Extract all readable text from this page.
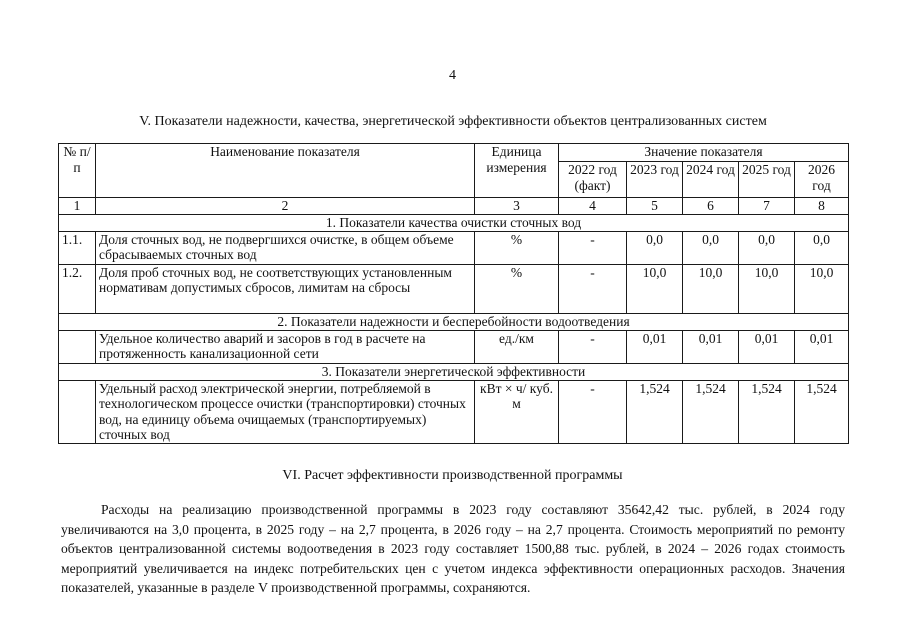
4
V. Показатели надежности, качества, энергетической эффективности объектов централизованных систем
№ п/п	Наименование показателя	Единица измерения	Значение показателя				
			2022 год (факт)	2023 год	2024 год	2025 год	2026 год
1	2	3	4	5	6	7	8
1. Показатели качества очистки сточных вод							
1.1.	Доля сточных вод, не подвергшихся очистке, в общем объеме сбрасываемых сточных вод	%	-	0,0	0,0	0,0	0,0
1.2.	Доля проб сточных вод, не соответствующих установленным нормативам допустимых сбросов, лимитам на сбросы	%	-	10,0	10,0	10,0	10,0
2. Показатели надежности и бесперебойности водоотведения							
	Удельное количество аварий и засоров в год в расчете на протяженность канализационной сети	ед./км	-	0,01	0,01	0,01	0,01
3. Показатели энергетической эффективности							
	Удельный расход электрической энергии, потребляемой в технологическом процессе очистки (транспортировки) сточных вод, на единицу объема очищаемых (транспортируемых) сточных вод	кВт × ч/ куб. м	-	1,524	1,524	1,524	1,524
VI. Расчет эффективности производственной программы

Расходы на реализацию производственной программы в 2023 году составляют 35642,42 тыс. рублей, в 2024 году увеличиваются на 3,0 процента, в 2025 году – на 2,7 процента, в 2026 году – на 2,7 процента. Стоимость мероприятий по ремонту объектов централизованной системы водоотведения в 2023 году составляет 1500,88 тыс. рублей, в 2024 – 2026 годах стоимость мероприятий увеличивается на индекс потребительских цен с учетом индекса эффективности операционных расходов. Значения показателей, указанные в разделе V производственной программы, сохраняются.
